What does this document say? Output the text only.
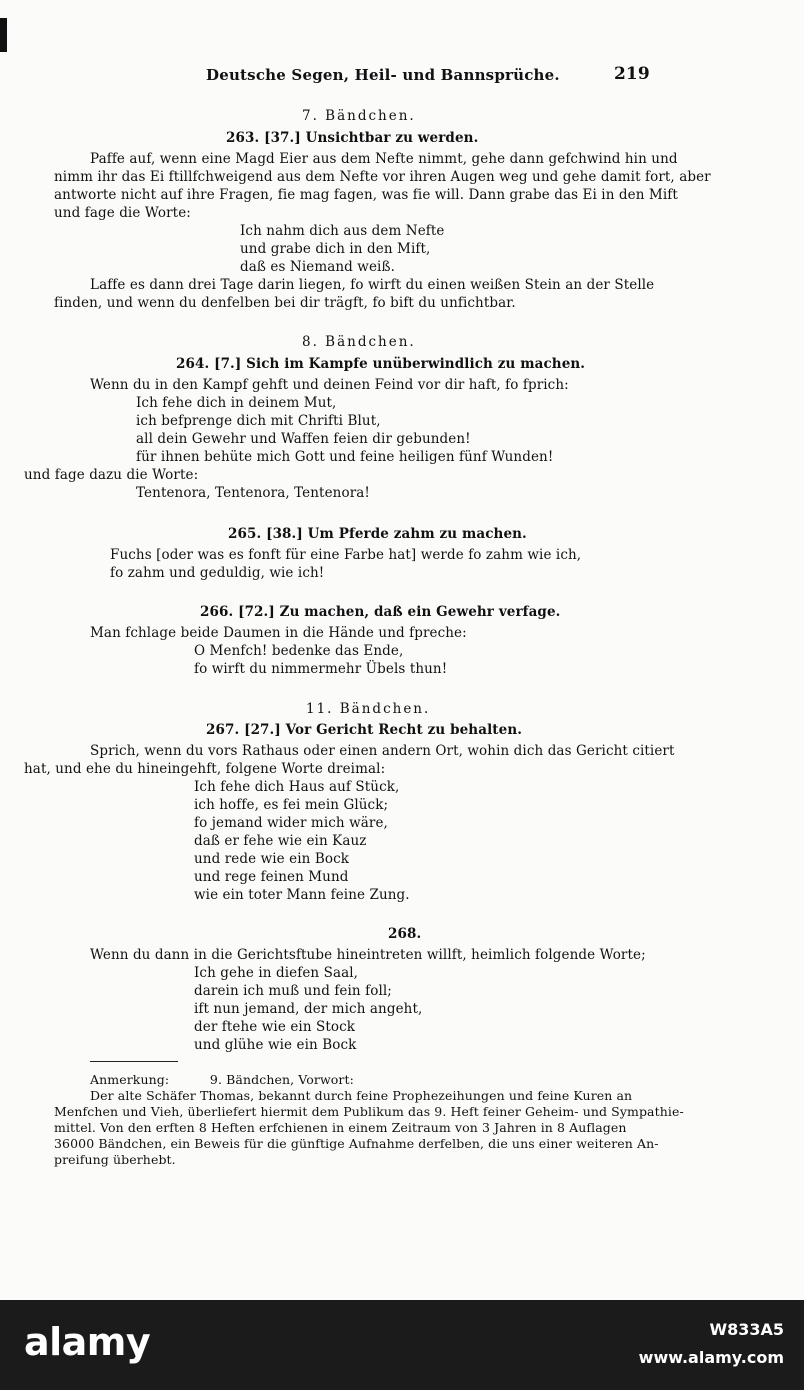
Deutsche Segen, Heil- und Bannsprüche.	219
7. Bändchen.
263. [37.] Unsichtbar zu werden.
Paffe auf, wenn eine Magd Eier aus dem Nefte nimmt, gehe dann gefchwind hin und
nimm ihr das Ei ftillfchweigend aus dem Nefte vor ihren Augen weg und gehe damit fort, aber
antworte nicht auf ihre Fragen, fie mag fagen, was fie will. Dann grabe das Ei in den Mift
und fage die Worte:
Ich nahm dich aus dem Nefte
und grabe dich in den Mift,
daß es Niemand weiß.
Laffe es dann drei Tage darin liegen, fo wirft du einen weißen Stein an der Stelle
finden, und wenn du denfelben bei dir trägft, fo bift du unfichtbar.
8. Bändchen.
264. [7.] Sich im Kampfe unüberwindlich zu machen.
Wenn du in den Kampf gehft und deinen Feind vor dir haft, fo fprich:
Ich fehe dich in deinem Mut,
ich befprenge dich mit Chrifti Blut,
all dein Gewehr und Waffen feien dir gebunden!
für ihnen behüte mich Gott und feine heiligen fünf Wunden!
und fage dazu die Worte:
Tentenora, Tentenora, Tentenora!
265. [38.] Um Pferde zahm zu machen.
Fuchs [oder was es fonft für eine Farbe hat] werde fo zahm wie ich,
fo zahm und geduldig, wie ich!
266. [72.] Zu machen, daß ein Gewehr verfage.
Man fchlage beide Daumen in die Hände und fpreche:
O Menfch! bedenke das Ende,
fo wirft du nimmermehr Übels thun!
11. Bändchen.
267. [27.] Vor Gericht Recht zu behalten.
Sprich, wenn du vors Rathaus oder einen andern Ort, wohin dich das Gericht citiert
hat, und ehe du hineingehft, folgene Worte dreimal:
Ich fehe dich Haus auf Stück,
ich hoffe, es fei mein Glück;
fo jemand wider mich wäre,
daß er fehe wie ein Kauz
und rede wie ein Bock
und rege feinen Mund
wie ein toter Mann feine Zung.
268.
Wenn du dann in die Gerichtsftube hineintreten willft, heimlich folgende Worte;
Ich gehe in diefen Saal,
darein ich muß und fein foll;
ift nun jemand, der mich angeht,
der ftehe wie ein Stock
und glühe wie ein Bock
Anmerkung:          9. Bändchen, Vorwort:
Der alte Schäfer Thomas, bekannt durch feine Prophezeihungen und feine Kuren an
Menfchen und Vieh, überliefert hiermit dem Publikum das 9. Heft feiner Geheim- und Sympathie-
mittel. Von den erften 8 Heften erfchienen in einem Zeitraum von 3 Jahren in 8 Auflagen
36000 Bändchen, ein Beweis für die günftige Aufnahme derfelben, die uns einer weiteren An-
preifung überhebt.
alamy	W833A5
www.alamy.com
